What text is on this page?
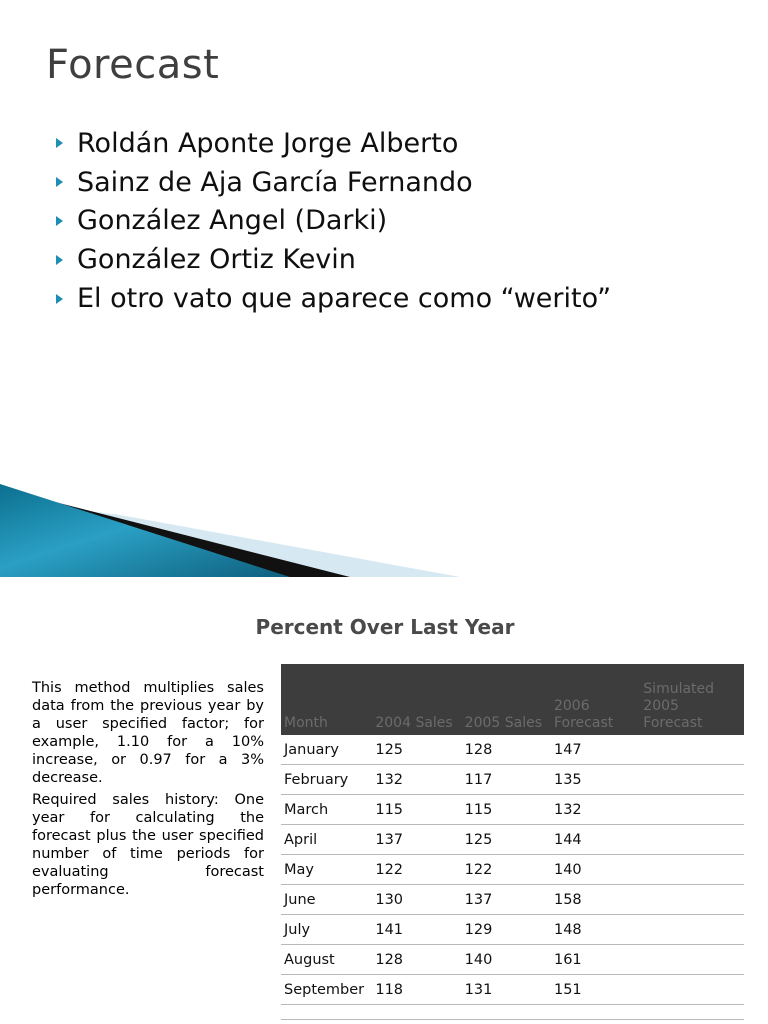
Forecast
Roldán Aponte Jorge Alberto
Sainz de Aja García Fernando
González Angel (Darki)
González Ortiz Kevin
El otro vato que aparece como “werito”
Percent Over Last Year

This method multiplies sales data from the previous year by a user specified factor; for example, 1.10 for a 10% increase, or 0.97 for a 3% decrease.

Required sales history: One year for calculating the forecast plus the user specified number of time periods for evaluating forecast performance.

Month	2004 Sales	2005 Sales	2006 Forecast	Simulated 2005 Forecast
January	125	128	147	
February	132	117	135	
March	115	115	132	
April	137	125	144	
May	122	122	140	
June	130	137	158	
July	141	129	148	
August	128	140	161	
September	118	131	151	
